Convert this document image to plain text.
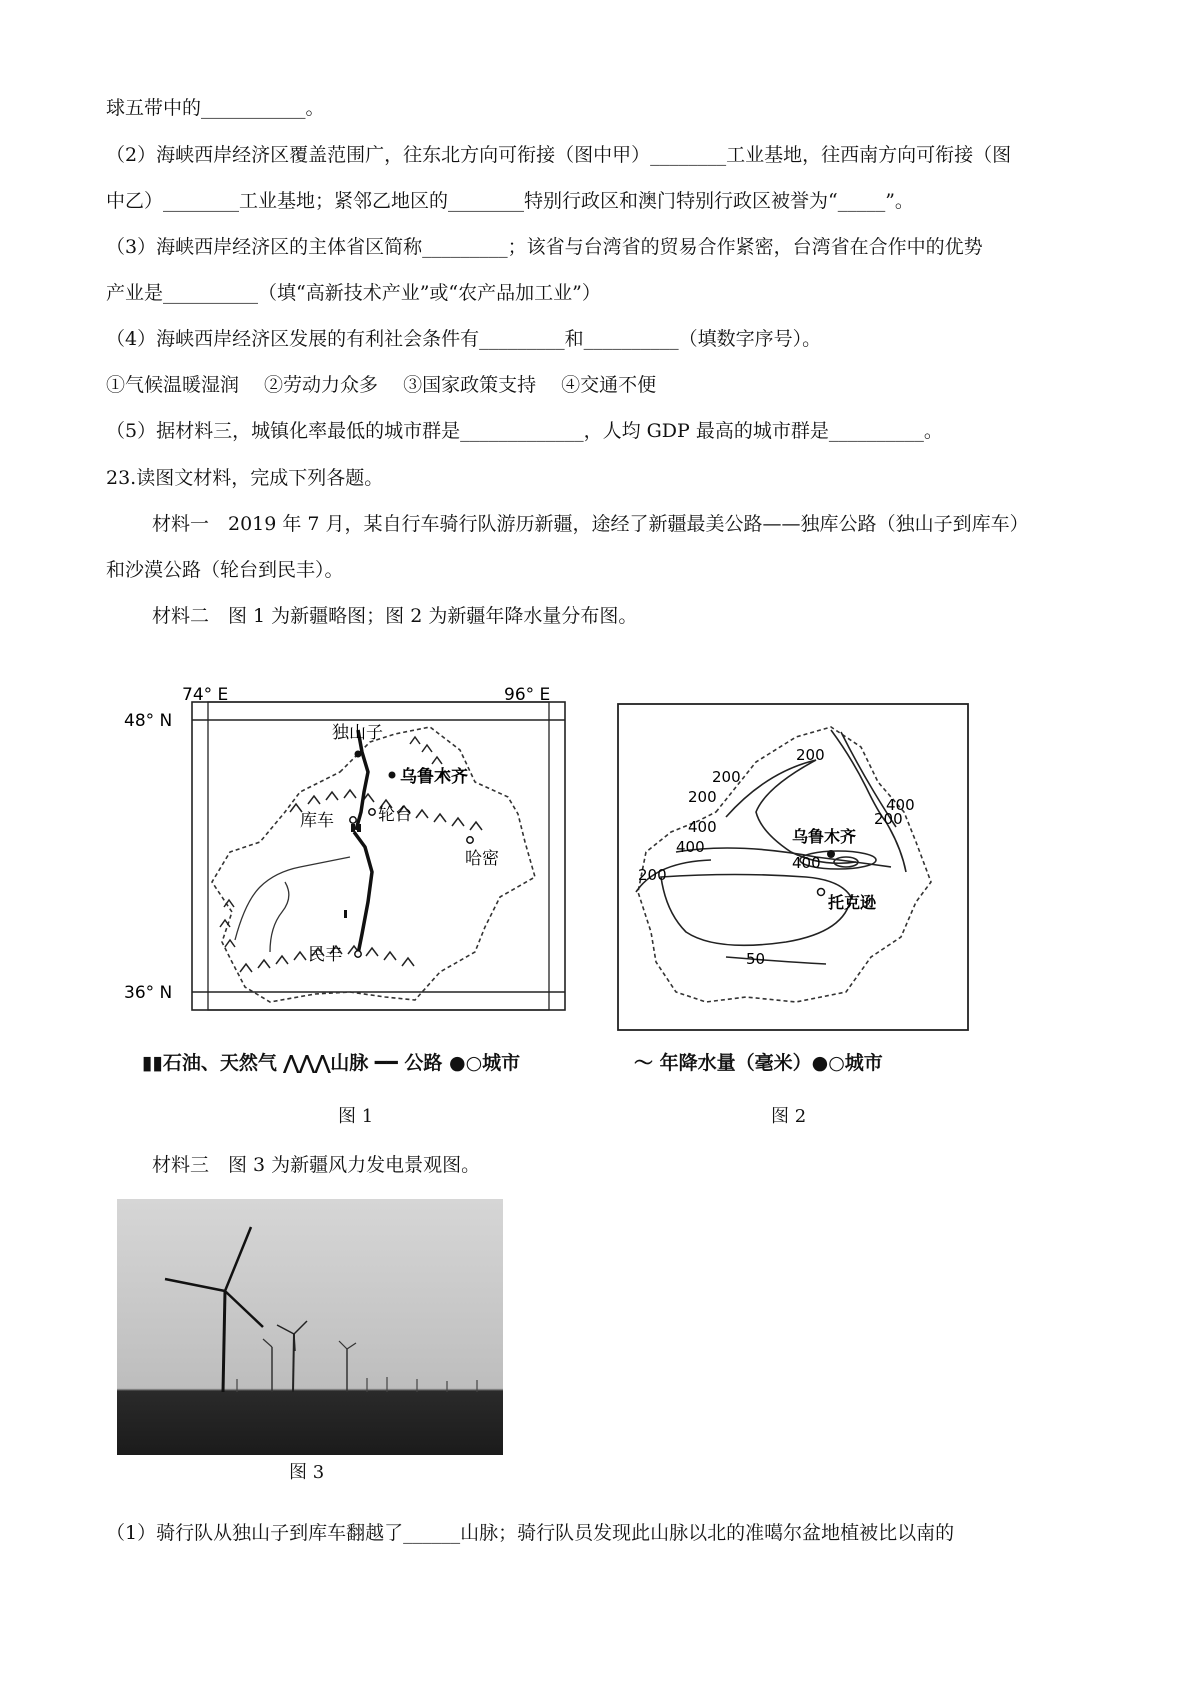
球五带中的___________。
（2）海峡西岸经济区覆盖范围广，往东北方向可衔接（图中甲）________工业基地，往西南方向可衔接（图
中乙）________工业基地；紧邻乙地区的________特别行政区和澳门特别行政区被誉为“_____”。
（3）海峡西岸经济区的主体省区简称_________；该省与台湾省的贸易合作紧密，台湾省在合作中的优势
产业是__________（填“高新技术产业”或“农产品加工业”）
（4）海峡西岸经济区发展的有利社会条件有_________和__________（填数字序号）。
①气候温暖湿润　 ②劳动力众多　 ③国家政策支持　 ④交通不便
（5）据材料三，城镇化率最低的城市群是_____________，人均 GDP 最高的城市群是__________。
23.读图文材料，完成下列各题。
材料一　2019 年 7 月，某自行车骑行队游历新疆，途经了新疆最美公路——独库公路（独山子到库车）
和沙漠公路（轮台到民丰）。
材料二　图 1 为新疆略图；图 2 为新疆年降水量分布图。
74° E	96° E
48° N
36° N
独山子
乌鲁木齐
库车	轮台
哈密
民丰
▮▮石油、天然气 ⋀⋀⋀山脉 ━━ 公路 ●○城市
图 1
200
200
200
400
400
200
400
400
200
50
乌鲁木齐
托克逊
〜 年降水量（毫米）●○城市
图 2
材料三　图 3 为新疆风力发电景观图。
图 3
（1）骑行队从独山子到库车翻越了______山脉；骑行队员发现此山脉以北的准噶尔盆地植被比以南的
